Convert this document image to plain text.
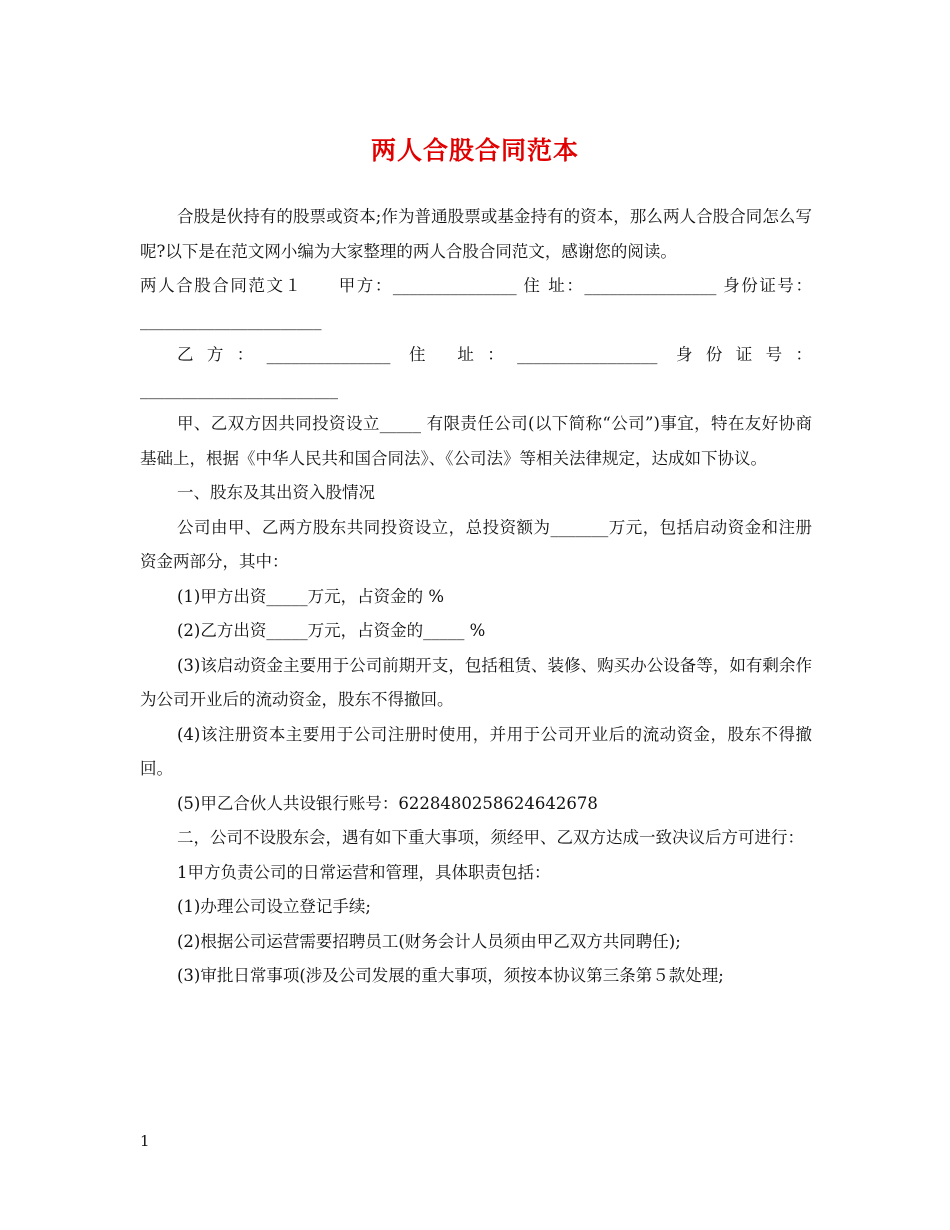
两人合股合同范本

合股是伙持有的股票或资本;作为普通股票或基金持有的资本，那么两人合股合同怎么写呢?以下是在范文网小编为大家整理的两人合股合同范文，感谢您的阅读。

两人合股合同范文１　　甲方：_______________ 住 址：________________ 身份证号：______________________

乙方：_______________ 住 址：_________________ 身份证号：________________________

甲、乙双方因共同投资设立_____ 有限责任公司(以下简称“公司”)事宜，特在友好协商基础上，根据《中华人民共和国合同法》、《公司法》等相关法律规定，达成如下协议。

一、股东及其出资入股情况

公司由甲、乙两方股东共同投资设立，总投资额为_______万元，包括启动资金和注册资金两部分，其中：

(1)甲方出资_____万元，占资金的 %

(2)乙方出资_____万元，占资金的_____ %

(3)该启动资金主要用于公司前期开支，包括租赁、装修、购买办公设备等，如有剩余作为公司开业后的流动资金，股东不得撤回。

(4)该注册资本主要用于公司注册时使用，并用于公司开业后的流动资金，股东不得撤回。

(5)甲乙合伙人共设银行账号：6228480258624642678

二，公司不设股东会，遇有如下重大事项，须经甲、乙双方达成一致决议后方可进行：

1甲方负责公司的日常运营和管理，具体职责包括：

(1)办理公司设立登记手续;

(2)根据公司运营需要招聘员工(财务会计人员须由甲乙双方共同聘任);

(3)审批日常事项(涉及公司发展的重大事项，须按本协议第三条第５款处理;

1
